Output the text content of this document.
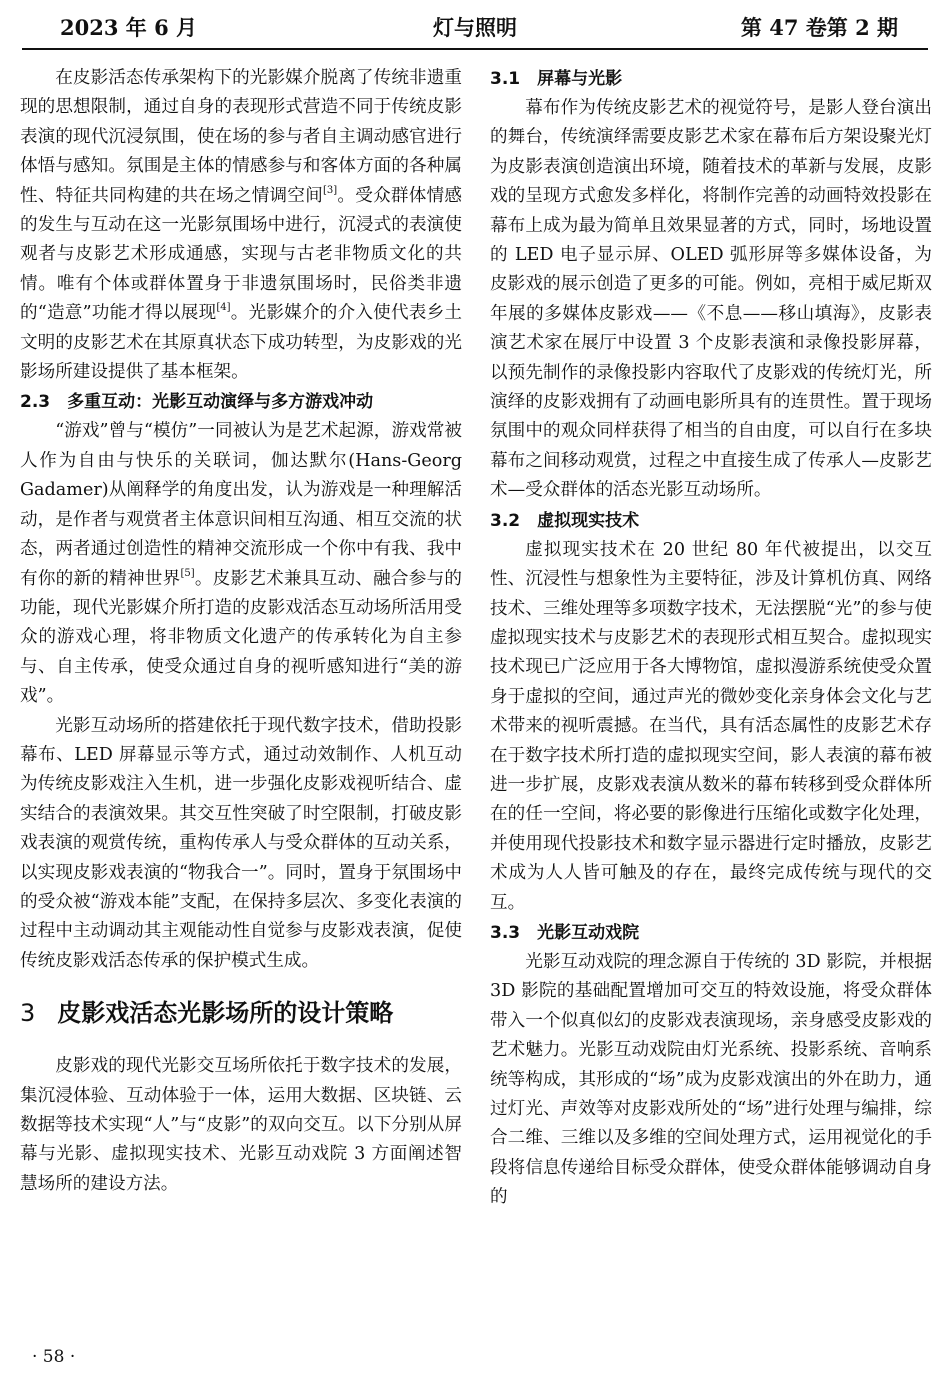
2023 年 6 月	灯与照明	第 47 卷第 2 期

在皮影活态传承架构下的光影媒介脱离了传统非遗重现的思想限制，通过自身的表现形式营造不同于传统皮影表演的现代沉浸氛围，使在场的参与者自主调动感官进行体悟与感知。氛围是主体的情感参与和客体方面的各种属性、特征共同构建的共在场之情调空间[3]。受众群体情感的发生与互动在这一光影氛围场中进行，沉浸式的表演使观者与皮影艺术形成通感，实现与古老非物质文化的共情。唯有个体或群体置身于非遗氛围场时，民俗类非遗的“造意”功能才得以展现[4]。光影媒介的介入使代表乡土文明的皮影艺术在其原真状态下成功转型，为皮影戏的光影场所建设提供了基本框架。

2.3　多重互动：光影互动演绎与多方游戏冲动

“游戏”曾与“模仿”一同被认为是艺术起源，游戏常被人作为自由与快乐的关联词，伽达默尔(Hans-Georg Gadamer)从阐释学的角度出发，认为游戏是一种理解活动，是作者与观赏者主体意识间相互沟通、相互交流的状态，两者通过创造性的精神交流形成一个你中有我、我中有你的新的精神世界[5]。皮影艺术兼具互动、融合参与的功能，现代光影媒介所打造的皮影戏活态互动场所活用受众的游戏心理，将非物质文化遗产的传承转化为自主参与、自主传承，使受众通过自身的视听感知进行“美的游戏”。

光影互动场所的搭建依托于现代数字技术，借助投影幕布、LED 屏幕显示等方式，通过动效制作、人机互动为传统皮影戏注入生机，进一步强化皮影戏视听结合、虚实结合的表演效果。其交互性突破了时空限制，打破皮影戏表演的观赏传统，重构传承人与受众群体的互动关系，以实现皮影戏表演的“物我合一”。同时，置身于氛围场中的受众被“游戏本能”支配，在保持多层次、多变化表演的过程中主动调动其主观能动性自觉参与皮影戏表演，促使传统皮影戏活态传承的保护模式生成。

3 皮影戏活态光影场所的设计策略

皮影戏的现代光影交互场所依托于数字技术的发展，集沉浸体验、互动体验于一体，运用大数据、区块链、云数据等技术实现“人”与“皮影”的双向交互。以下分别从屏幕与光影、虚拟现实技术、光影互动戏院 3 方面阐述智慧场所的建设方法。

3.1　屏幕与光影

幕布作为传统皮影艺术的视觉符号，是影人登台演出的舞台，传统演绎需要皮影艺术家在幕布后方架设聚光灯为皮影表演创造演出环境，随着技术的革新与发展，皮影戏的呈现方式愈发多样化，将制作完善的动画特效投影在幕布上成为最为简单且效果显著的方式，同时，场地设置的 LED 电子显示屏、OLED 弧形屏等多媒体设备，为皮影戏的展示创造了更多的可能。例如，亮相于威尼斯双年展的多媒体皮影戏——《不息——移山填海》，皮影表演艺术家在展厅中设置 3 个皮影表演和录像投影屏幕，以预先制作的录像投影内容取代了皮影戏的传统灯光，所演绎的皮影戏拥有了动画电影所具有的连贯性。置于现场氛围中的观众同样获得了相当的自由度，可以自行在多块幕布之间移动观赏，过程之中直接生成了传承人—皮影艺术—受众群体的活态光影互动场所。

3.2　虚拟现实技术

虚拟现实技术在 20 世纪 80 年代被提出，以交互性、沉浸性与想象性为主要特征，涉及计算机仿真、网络技术、三维处理等多项数字技术，无法摆脱“光”的参与使虚拟现实技术与皮影艺术的表现形式相互契合。虚拟现实技术现已广泛应用于各大博物馆，虚拟漫游系统使受众置身于虚拟的空间，通过声光的微妙变化亲身体会文化与艺术带来的视听震撼。在当代，具有活态属性的皮影艺术存在于数字技术所打造的虚拟现实空间，影人表演的幕布被进一步扩展，皮影戏表演从数米的幕布转移到受众群体所在的任一空间，将必要的影像进行压缩化或数字化处理，并使用现代投影技术和数字显示器进行定时播放，皮影艺术成为人人皆可触及的存在，最终完成传统与现代的交互。

3.3　光影互动戏院

光影互动戏院的理念源自于传统的 3D 影院，并根据 3D 影院的基础配置增加可交互的特效设施，将受众群体带入一个似真似幻的皮影戏表演现场，亲身感受皮影戏的艺术魅力。光影互动戏院由灯光系统、投影系统、音响系统等构成，其形成的“场”成为皮影戏演出的外在助力，通过灯光、声效等对皮影戏所处的“场”进行处理与编排，综合二维、三维以及多维的空间处理方式，运用视觉化的手段将信息传递给目标受众群体，使受众群体能够调动自身的

· 58 ·
